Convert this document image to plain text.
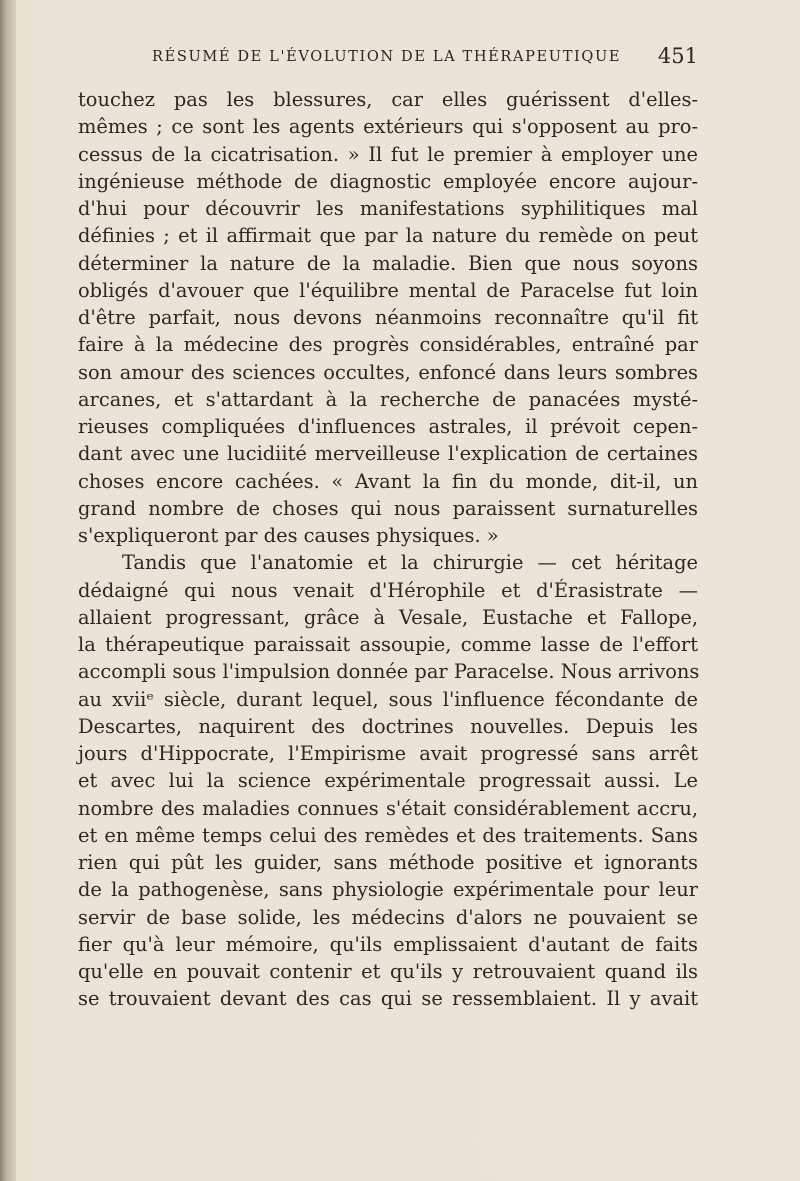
RÉSUMÉ DE L'ÉVOLUTION DE LA THÉRAPEUTIQUE 451
touchez pas les blessures, car elles guérissent d'elles-
mêmes ; ce sont les agents extérieurs qui s'opposent au pro-
cessus de la cicatrisation. » Il fut le premier à employer une
ingénieuse méthode de diagnostic employée encore aujour-
d'hui pour découvrir les manifestations syphilitiques mal
définies ; et il affirmait que par la nature du remède on peut
déterminer la nature de la maladie. Bien que nous soyons
obligés d'avouer que l'équilibre mental de Paracelse fut loin
d'être parfait, nous devons néanmoins reconnaître qu'il fit
faire à la médecine des progrès considérables, entraîné par
son amour des sciences occultes, enfoncé dans leurs sombres
arcanes, et s'attardant à la recherche de panacées mysté-
rieuses compliquées d'influences astrales, il prévoit cepen-
dant avec une lucidiité merveilleuse l'explication de certaines
choses encore cachées. « Avant la fin du monde, dit-il, un
grand nombre de choses qui nous paraissent surnaturelles
s'expliqueront par des causes physiques. »
Tandis que l'anatomie et la chirurgie — cet héritage
dédaigné qui nous venait d'Hérophile et d'Érasistrate —
allaient progressant, grâce à Vesale, Eustache et Fallope,
la thérapeutique paraissait assoupie, comme lasse de l'effort
accompli sous l'impulsion donnée par Paracelse. Nous arrivons
au xviiᵉ siècle, durant lequel, sous l'influence fécondante de
Descartes, naquirent des doctrines nouvelles. Depuis les
jours d'Hippocrate, l'Empirisme avait progressé sans arrêt
et avec lui la science expérimentale progressait aussi. Le
nombre des maladies connues s'était considérablement accru,
et en même temps celui des remèdes et des traitements. Sans
rien qui pût les guider, sans méthode positive et ignorants
de la pathogenèse, sans physiologie expérimentale pour leur
servir de base solide, les médecins d'alors ne pouvaient se
fier qu'à leur mémoire, qu'ils emplissaient d'autant de faits
qu'elle en pouvait contenir et qu'ils y retrouvaient quand ils
se trouvaient devant des cas qui se ressemblaient. Il y avait
